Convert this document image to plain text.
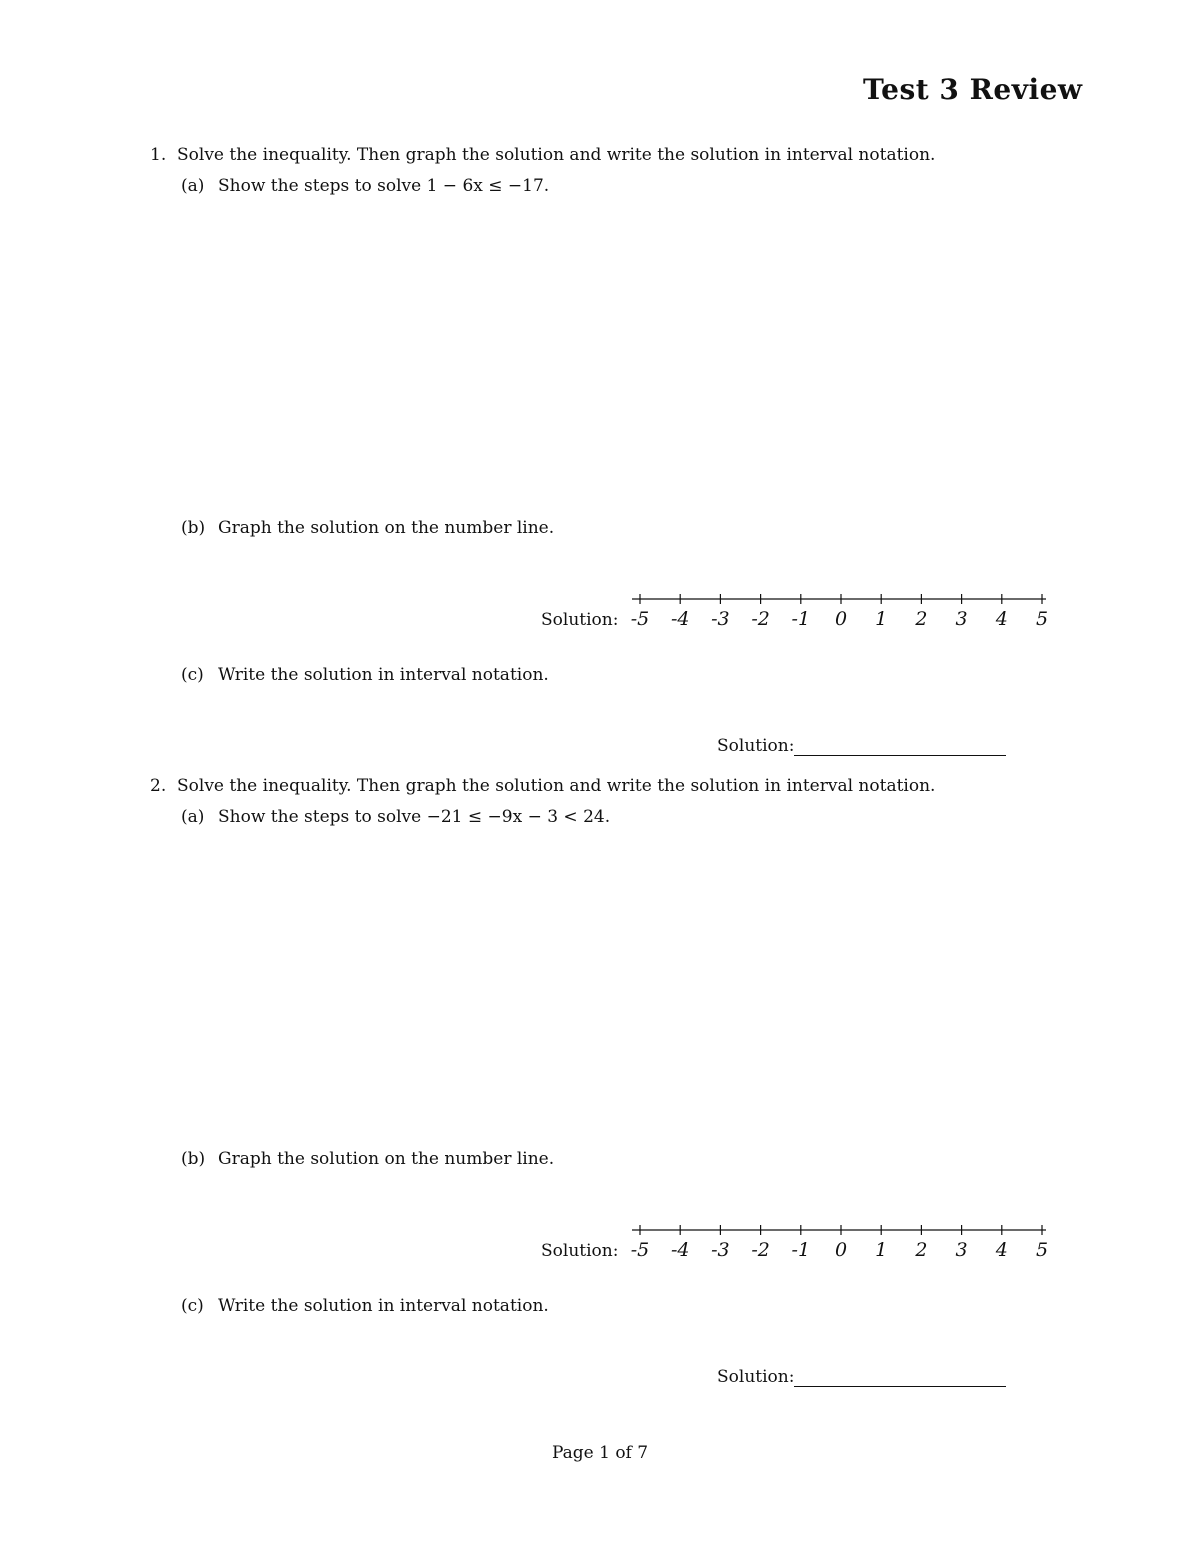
Test 3 Review
1. Solve the inequality. Then graph the solution and write the solution in interval notation.
(a) Show the steps to solve 1 − 6x ≤ −17.
(b) Graph the solution on the number line.
Solution: -5 -4 -3 -2 -1 0 1 2 3 4 5
(c) Write the solution in interval notation.
Solution:
2. Solve the inequality. Then graph the solution and write the solution in interval notation.
(a) Show the steps to solve −21 ≤ −9x − 3 < 24.
(b) Graph the solution on the number line.
Solution: -5 -4 -3 -2 -1 0 1 2 3 4 5
(c) Write the solution in interval notation.
Solution:
Page 1 of 7
